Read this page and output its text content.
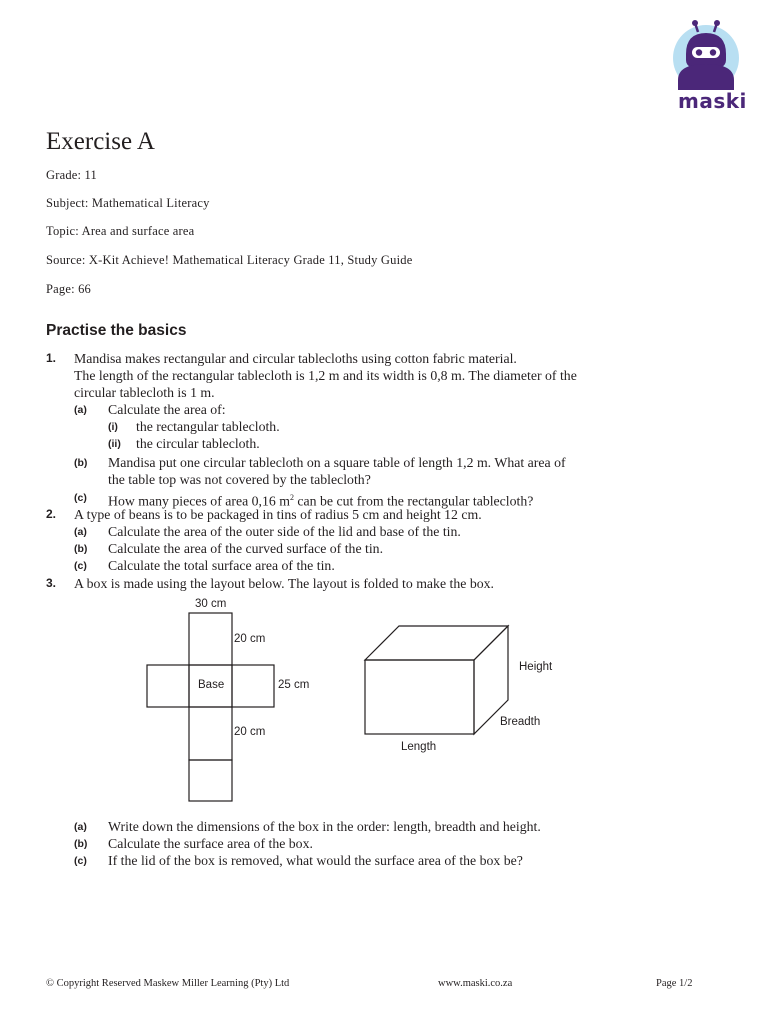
maski
Exercise A
Grade: 11
Subject: Mathematical Literacy
Topic: Area and surface area
Source: X-Kit Achieve! Mathematical Literacy Grade 11, Study Guide
Page: 66
Practise the basics
1. Mandisa makes rectangular and circular tablecloths using cotton fabric material.
The length of the rectangular tablecloth is 1,2 m and its width is 0,8 m. The diameter of the
circular tablecloth is 1 m.
(a) Calculate the area of:
(i) the rectangular tablecloth.
(ii) the circular tablecloth.
(b) Mandisa put one circular tablecloth on a square table of length 1,2 m. What area of
the table top was not covered by the tablecloth?
(c) How many pieces of area 0,16 $m^2$ can be cut from the rectangular tablecloth?
2. A type of beans is to be packaged in tins of radius 5 cm and height 12 cm.
(a) Calculate the area of the outer side of the lid and base of the tin.
(b) Calculate the area of the curved surface of the tin.
(c) Calculate the total surface area of the tin.
3. A box is made using the layout below. The layout is folded to make the box.
30 cm
20 cm
Base	25 cm
20 cm
Height
Breadth
Length
(a) Write down the dimensions of the box in the order: length, breadth and height.
(b) Calculate the surface area of the box.
(c) If the lid of the box is removed, what would the surface area of the box be?
© Copyright Reserved Maskew Miller Learning (Pty) Ltd	www.maski.co.za	Page 1/2
